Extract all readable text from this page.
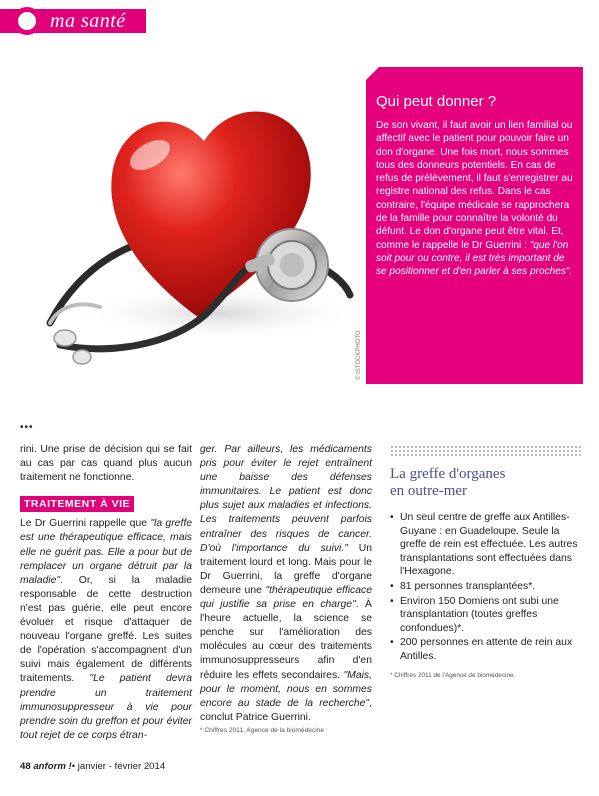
ma santé
© ISTOCKPHOTO
Qui peut donner ?

De son vivant, il faut avoir un lien familial ou affectif avec le patient pour pouvoir faire un don d'organe. Une fois mort, nous sommes tous des donneurs potentiels. En cas de refus de prélèvement, il faut s'enregistrer au registre national des refus. Dans le cas contraire, l'équipe médicale se rapprochera de la famille pour connaître la volonté du défunt. Le don d'organe peut être vital. Et, comme le rappelle le Dr Guerrini : "que l'on soit pour ou contre, il est très important de se positionner et d'en parler à ses proches".

•••

rini. Une prise de décision qui se fait au cas par cas quand plus aucun traitement ne fonctionne.

TRAITEMENT À VIE

Le Dr Guerrini rappelle que "la greffe est une thérapeutique efficace, mais elle ne guérit pas. Elle a pour but de remplacer un organe détruit par la maladie". Or, si la maladie responsable de cette destruction n'est pas guérie, elle peut encore évoluer et risque d'attaquer de nouveau l'organe greffé. Les suites de l'opération s'accompagnent d'un suivi mais également de différents traitements. "Le patient devra prendre un traitement immunosuppresseur à vie pour prendre soin du greffon et pour éviter tout rejet de ce corps étran-

ger. Par ailleurs, les médicaments pris pour éviter le rejet entraînent une baisse des défenses immunitaires. Le patient est donc plus sujet aux maladies et infections. Les traitements peuvent parfois entraîner des risques de cancer. D'où l'importance du suivi." Un traitement lourd et long. Mais pour le Dr Guerrini, la greffe d'organe demeure une "thérapeutique efficace qui justifie sa prise en charge". À l'heure actuelle, la science se penche sur l'amélioration des molécules au cœur des traitements immunosuppresseurs afin d'en réduire les effets secondaires. "Mais, pour le moment, nous en sommes encore au stade de la recherche", conclut Patrice Guerrini.

* Chiffres 2011, Agence de la biomédecine
La greffe d'organes
en outre-mer
• Un seul centre de greffe aux Antilles-Guyane : en Guadeloupe. Seule la greffe de rein est effectuée. Les autres transplantations sont effectuées dans l'Hexagone.
• 81 personnes transplantées*.
• Environ 150 Domiens ont subi une transplantation (toutes greffes confondues)*.
• 200 personnes en attente de rein aux Antilles.
* Chiffres 2011 de l'Agence de biomédecine.
48 anform !• janvier - février 2014
